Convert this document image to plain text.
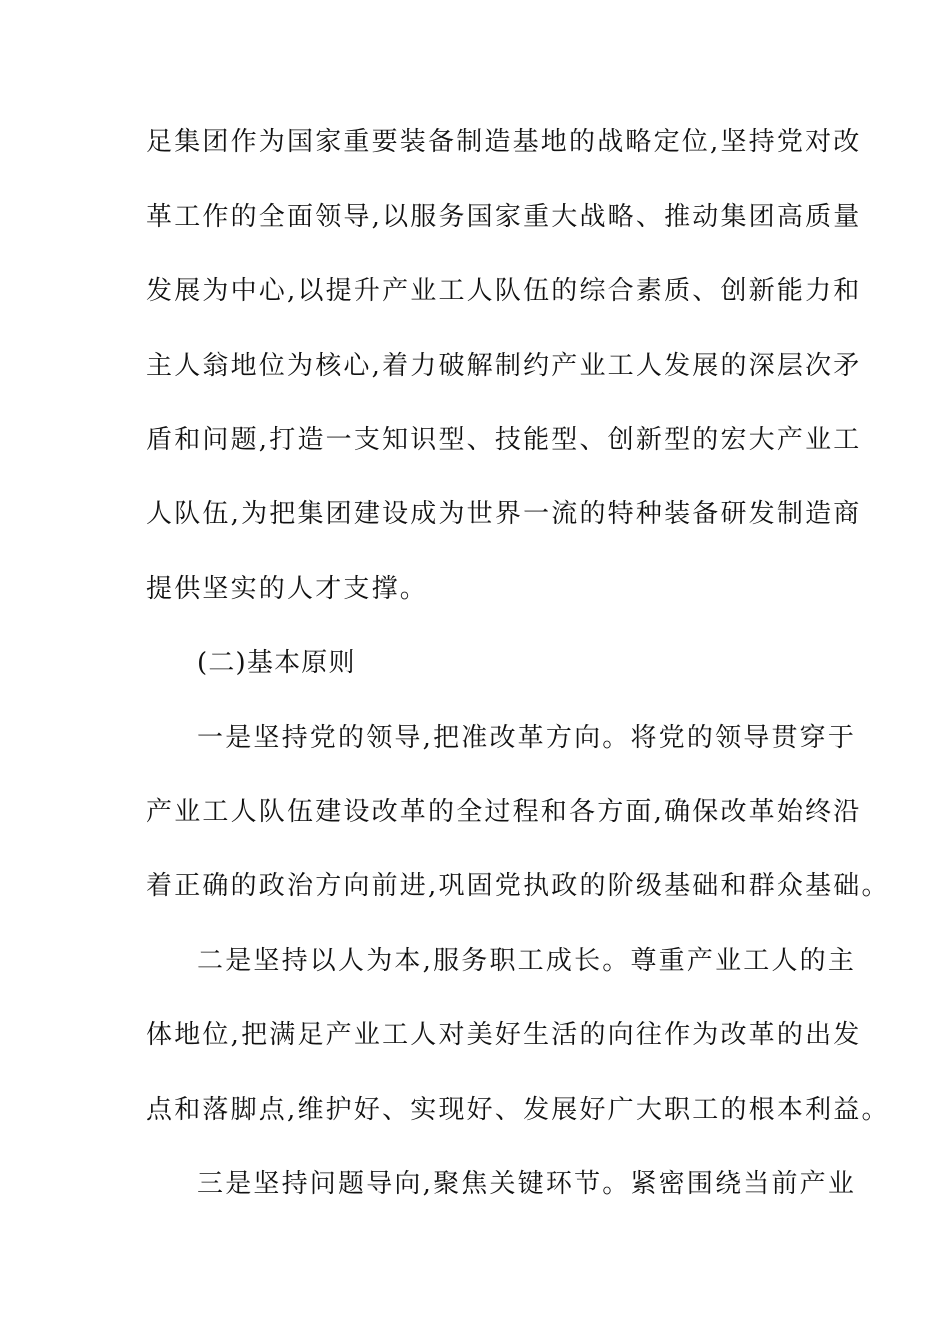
足集团作为国家重要装备制造基地的战略定位,坚持党对改
革工作的全面领导,以服务国家重大战略、推动集团高质量
发展为中心,以提升产业工人队伍的综合素质、创新能力和
主人翁地位为核心,着力破解制约产业工人发展的深层次矛
盾和问题,打造一支知识型、技能型、创新型的宏大产业工
人队伍,为把集团建设成为世界一流的特种装备研发制造商
提供坚实的人才支撑。
(二)基本原则
一是坚持党的领导,把准改革方向。将党的领导贯穿于
产业工人队伍建设改革的全过程和各方面,确保改革始终沿
着正确的政治方向前进,巩固党执政的阶级基础和群众基础。
二是坚持以人为本,服务职工成长。尊重产业工人的主
体地位,把满足产业工人对美好生活的向往作为改革的出发
点和落脚点,维护好、实现好、发展好广大职工的根本利益。
三是坚持问题导向,聚焦关键环节。紧密围绕当前产业
